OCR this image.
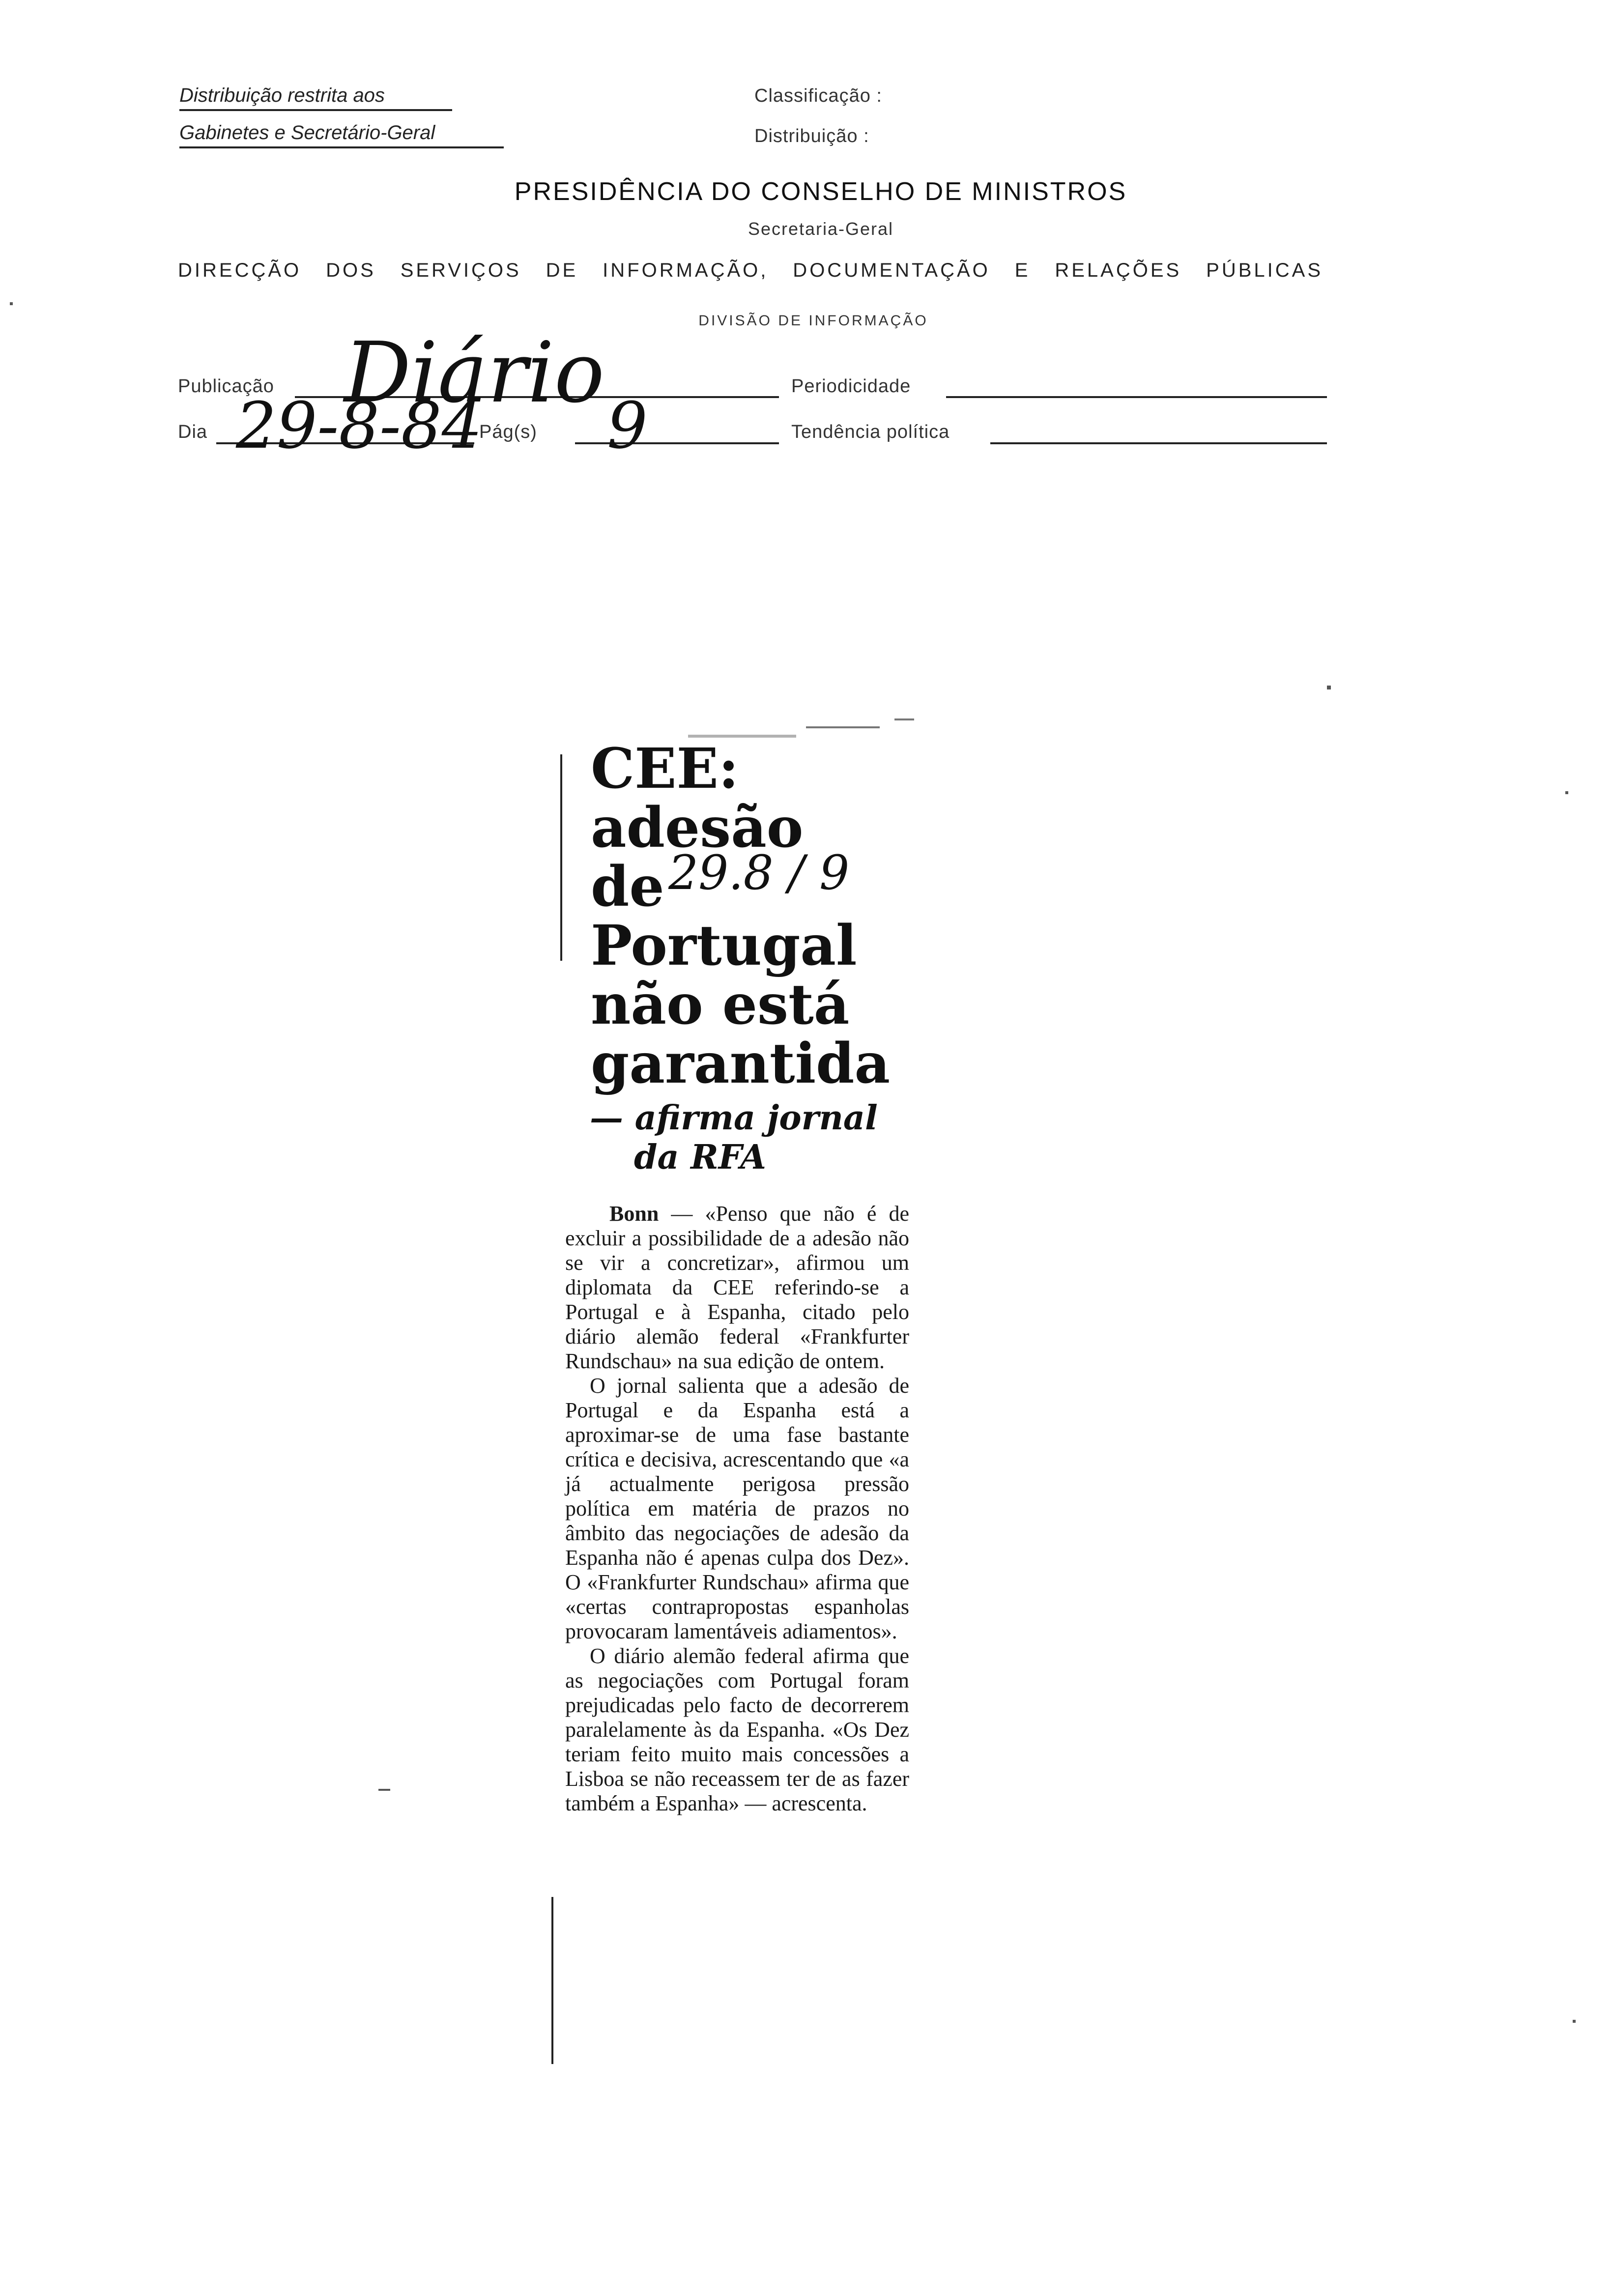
Distribuição restrita aos
Gabinetes e Secretário-Geral
Classificação :
Distribuição :
PRESIDÊNCIA DO CONSELHO DE MINISTROS
Secretaria-Geral
DIRECÇÃO DOS SERVIÇOS DE INFORMAÇÃO, DOCUMENTAÇÃO E RELAÇÕES PÚBLICAS
DIVISÃO DE INFORMAÇÃO
Publicação Diário	Periodicidade
Dia 29-8-84
Pág(s) 9	Tendência política
CEE:
adesão
de
Portugal
não está
garantida
29.8 / 9
— afirma jornal
da RFA

Bonn — «Penso que não é de excluir a possibilidade de a adesão não se vir a concretizar», afirmou um diplomata da CEE referindo-se a Portugal e à Espanha, citado pelo diário alemão federal «Frankfurter Rundschau» na sua edição de ontem.

O jornal salienta que a adesão de Portugal e da Espanha está a aproximar-se de uma fase bastante crítica e decisiva, acrescentando que «a já actualmente perigosa pressão política em matéria de prazos no âmbito das negociações de adesão da Espanha não é apenas culpa dos Dez». O «Frankfurter Rundschau» afirma que «certas contrapropostas espanholas provocaram lamentáveis adiamentos».

O diário alemão federal afirma que as negociações com Portugal foram prejudicadas pelo facto de decorrerem paralelamente às da Espanha. «Os Dez teriam feito muito mais concessões a Lisboa se não receassem ter de as fazer também a Espanha» — acrescenta.
